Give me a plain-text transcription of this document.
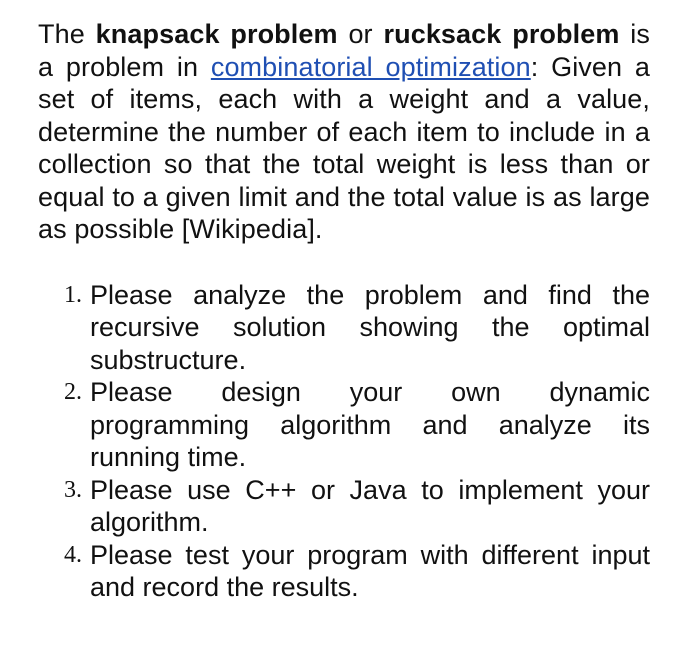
The knapsack problem or rucksack problem is a problem in combinatorial optimization: Given a set of items, each with a weight and a value, determine the number of each item to include in a collection so that the total weight is less than or equal to a given limit and the total value is as large as possible [Wikipedia].

1. Please analyze the problem and find the recursive solution showing the optimal substructure.
2. Please design your own dynamic programming algorithm and analyze its running time.
3. Please use C++ or Java to implement your algorithm.
4. Please test your program with different input and record the results.
